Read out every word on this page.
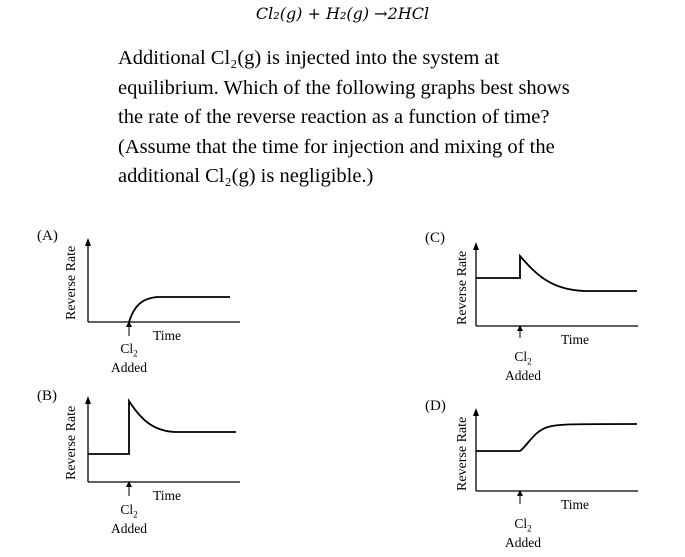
Cl₂(g) + H₂(g) →2HCl
Additional Cl₂(g) is injected into the system at equilibrium. Which of the following graphs best shows the rate of the reverse reaction as a function of time? (Assume that the time for injection and mixing of the additional Cl₂(g) is negligible.)
(A)
Reverse Rate
Time
$Cl_2$
Added
(C)
Reverse Rate
Time
$Cl_2$
Added
(B)
Reverse Rate
Time
$Cl_2$
Added
(D)
Reverse Rate
Time
$Cl_2$
Added
